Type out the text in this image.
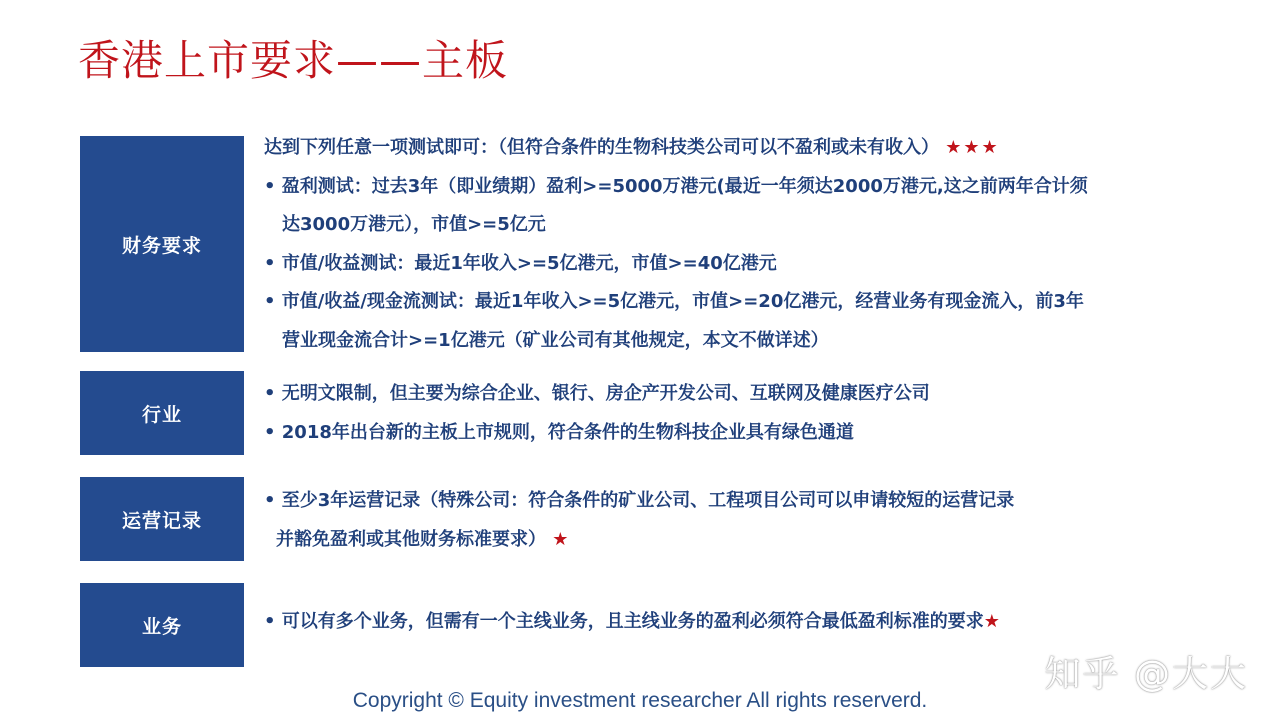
香港上市要求——主板
财务要求
达到下列任意一项测试即可：（但符合条件的生物科技类公司可以不盈利或未有收入） ★★★
• 盈利测试：过去3年（即业绩期）盈利>=5000万港元(最近一年须达2000万港元,这之前两年合计须
达3000万港元），市值>=5亿元
• 市值/收益测试：最近1年收入>=5亿港元，市值>=40亿港元
• 市值/收益/现金流测试：最近1年收入>=5亿港元，市值>=20亿港元，经营业务有现金流入，前3年
营业现金流合计>=1亿港元（矿业公司有其他规定，本文不做详述）
行业
• 无明文限制，但主要为综合企业、银行、房企产开发公司、互联网及健康医疗公司
• 2018年出台新的主板上市规则，符合条件的生物科技企业具有绿色通道
运营记录
• 至少3年运营记录（特殊公司：符合条件的矿业公司、工程项目公司可以申请较短的运营记录
并豁免盈利或其他财务标准要求） ★
业务	• 可以有多个业务，但需有一个主线业务，且主线业务的盈利必须符合最低盈利标准的要求★
知乎 @大大
Copyright © Equity investment researcher All rights reserverd.
